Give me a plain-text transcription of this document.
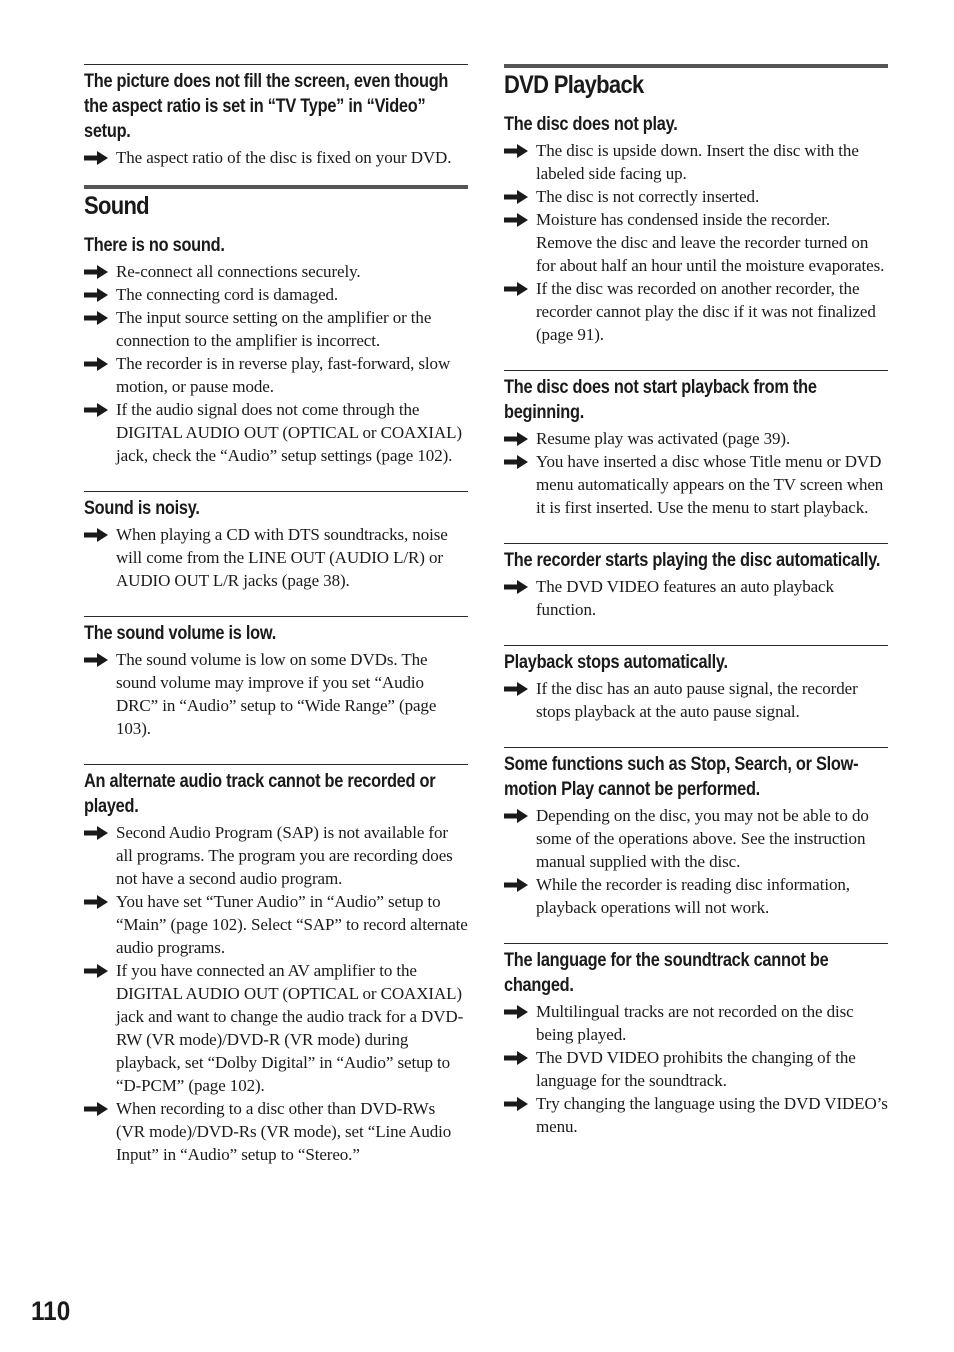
The picture does not fill the screen, even though the aspect ratio is set in “TV Type” in “Video” setup.
The aspect ratio of the disc is fixed on your DVD.
Sound
There is no sound.
Re-connect all connections securely.
The connecting cord is damaged.
The input source setting on the amplifier or the connection to the amplifier is incorrect.
The recorder is in reverse play, fast-forward, slow motion, or pause mode.
If the audio signal does not come through the DIGITAL AUDIO OUT (OPTICAL or COAXIAL) jack, check the “Audio” setup settings (page 102).
Sound is noisy.
When playing a CD with DTS soundtracks, noise will come from the LINE OUT (AUDIO L/R) or AUDIO OUT L/R jacks (page 38).
The sound volume is low.
The sound volume is low on some DVDs. The sound volume may improve if you set “Audio DRC” in “Audio” setup to “Wide Range” (page 103).
An alternate audio track cannot be recorded or played.
Second Audio Program (SAP) is not available for all programs. The program you are recording does not have a second audio program.
You have set “Tuner Audio” in “Audio” setup to “Main” (page 102). Select “SAP” to record alternate audio programs.
If you have connected an AV amplifier to the DIGITAL AUDIO OUT (OPTICAL or COAXIAL) jack and want to change the audio track for a DVD-RW (VR mode)/DVD-R (VR mode) during playback, set “Dolby Digital” in “Audio” setup to “D-PCM” (page 102).
When recording to a disc other than DVD-RWs (VR mode)/DVD-Rs (VR mode), set “Line Audio Input” in “Audio” setup to “Stereo.”
DVD Playback
The disc does not play.
The disc is upside down. Insert the disc with the labeled side facing up.
The disc is not correctly inserted.
Moisture has condensed inside the recorder. Remove the disc and leave the recorder turned on for about half an hour until the moisture evaporates.
If the disc was recorded on another recorder, the recorder cannot play the disc if it was not finalized (page 91).
The disc does not start playback from the beginning.
Resume play was activated (page 39).
You have inserted a disc whose Title menu or DVD menu automatically appears on the TV screen when it is first inserted. Use the menu to start playback.
The recorder starts playing the disc automatically.
The DVD VIDEO features an auto playback function.
Playback stops automatically.
If the disc has an auto pause signal, the recorder stops playback at the auto pause signal.
Some functions such as Stop, Search, or Slow-motion Play cannot be performed.
Depending on the disc, you may not be able to do some of the operations above. See the instruction manual supplied with the disc.
While the recorder is reading disc information, playback operations will not work.
The language for the soundtrack cannot be changed.
Multilingual tracks are not recorded on the disc being played.
The DVD VIDEO prohibits the changing of the language for the soundtrack.
Try changing the language using the DVD VIDEO’s menu.
110
